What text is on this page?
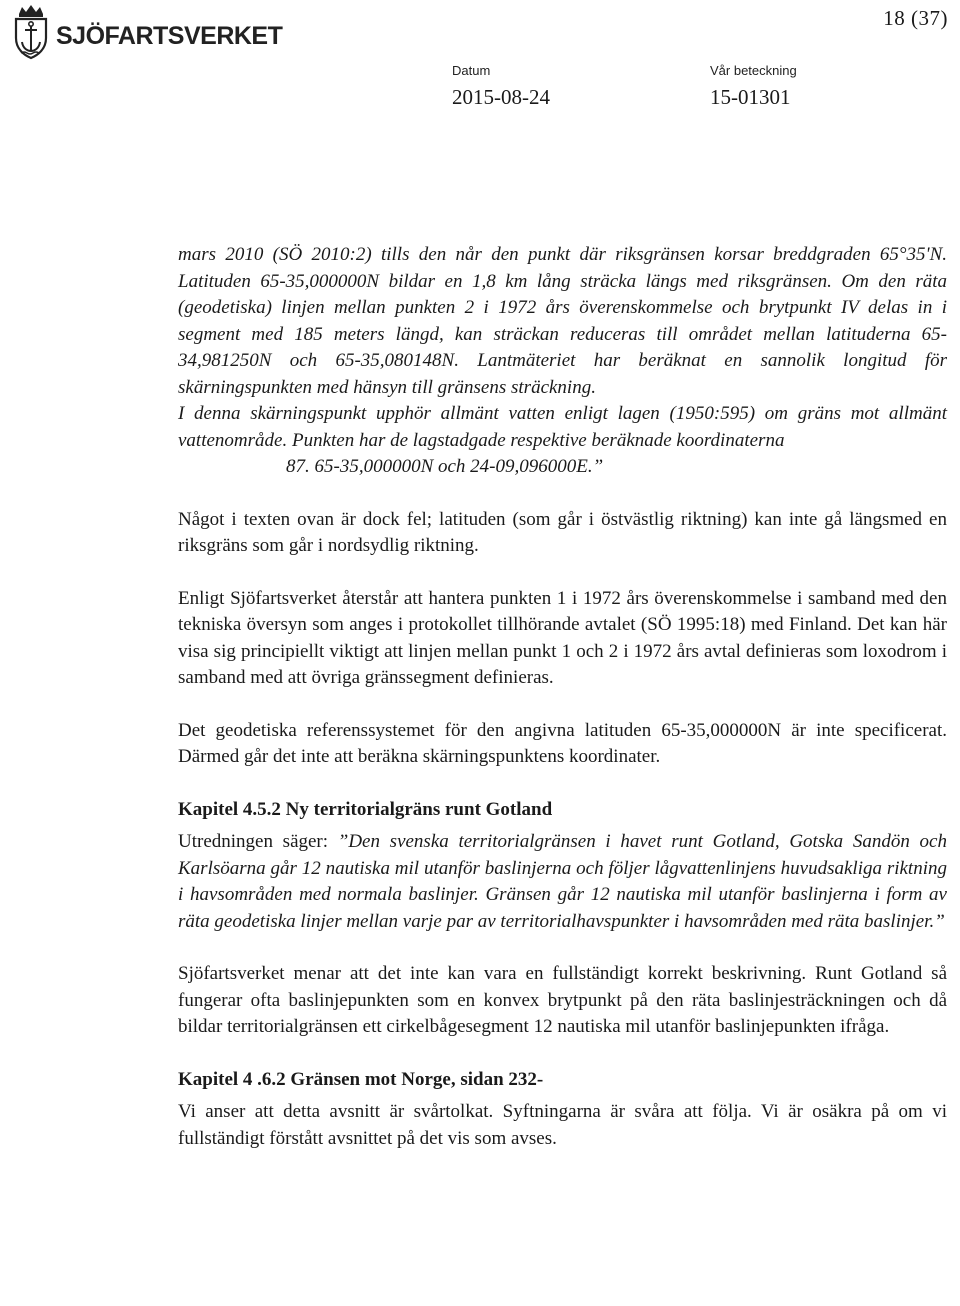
SJÖFARTSVERKET
18 (37)
Datum
2015-08-24
Vår beteckning
15-01301

mars 2010 (SÖ 2010:2) tills den når den punkt där riksgränsen korsar breddgraden 65°35'N. Latituden 65-35,000000N bildar en 1,8 km lång sträcka längs med riksgränsen. Om den räta (geodetiska) linjen mellan punkten 2 i 1972 års överenskommelse och brytpunkt IV delas in i segment med 185 meters längd, kan sträckan reduceras till området mellan latituderna 65-34,981250N och 65-35,080148N. Lantmäteriet har beräknat en sannolik longitud för skärningspunkten med hänsyn till gränsens sträckning.

I denna skärningspunkt upphör allmänt vatten enligt lagen (1950:595) om gräns mot allmänt vattenområde. Punkten har de lagstadgade respektive beräknade koordinaterna

87. 65-35,000000N och 24-09,096000E.”

Något i texten ovan är dock fel; latituden (som går i östvästlig riktning) kan inte gå längsmed en riksgräns som går i nordsydlig riktning.

Enligt Sjöfartsverket återstår att hantera punkten 1 i 1972 års överenskommelse i samband med den tekniska översyn som anges i protokollet tillhörande avtalet (SÖ 1995:18) med Finland. Det kan här visa sig principiellt viktigt att linjen mellan punkt 1 och 2 i 1972 års avtal definieras som loxodrom i samband med att övriga gränssegment definieras.

Det geodetiska referenssystemet för den angivna latituden 65-35,000000N är inte specificerat. Därmed går det inte att beräkna skärningspunktens koordinater.

Kapitel 4.5.2 Ny territorialgräns runt Gotland

Utredningen säger: ”Den svenska territorialgränsen i havet runt Gotland, Gotska Sandön och Karlsöarna går 12 nautiska mil utanför baslinjerna och följer lågvattenlinjens huvudsakliga riktning i havsområden med normala baslinjer. Gränsen går 12 nautiska mil utanför baslinjerna i form av räta geodetiska linjer mellan varje par av territorialhavspunkter i havsområden med räta baslinjer.”

Sjöfartsverket menar att det inte kan vara en fullständigt korrekt beskrivning. Runt Gotland så fungerar ofta baslinjepunkten som en konvex brytpunkt på den räta baslinjesträckningen och då bildar territorialgränsen ett cirkelbågesegment 12 nautiska mil utanför baslinjepunkten ifråga.

Kapitel 4 .6.2 Gränsen mot Norge, sidan 232-

Vi anser att detta avsnitt är svårtolkat. Syftningarna är svåra att följa. Vi är osäkra på om vi fullständigt förstått avsnittet på det vis som avses.
